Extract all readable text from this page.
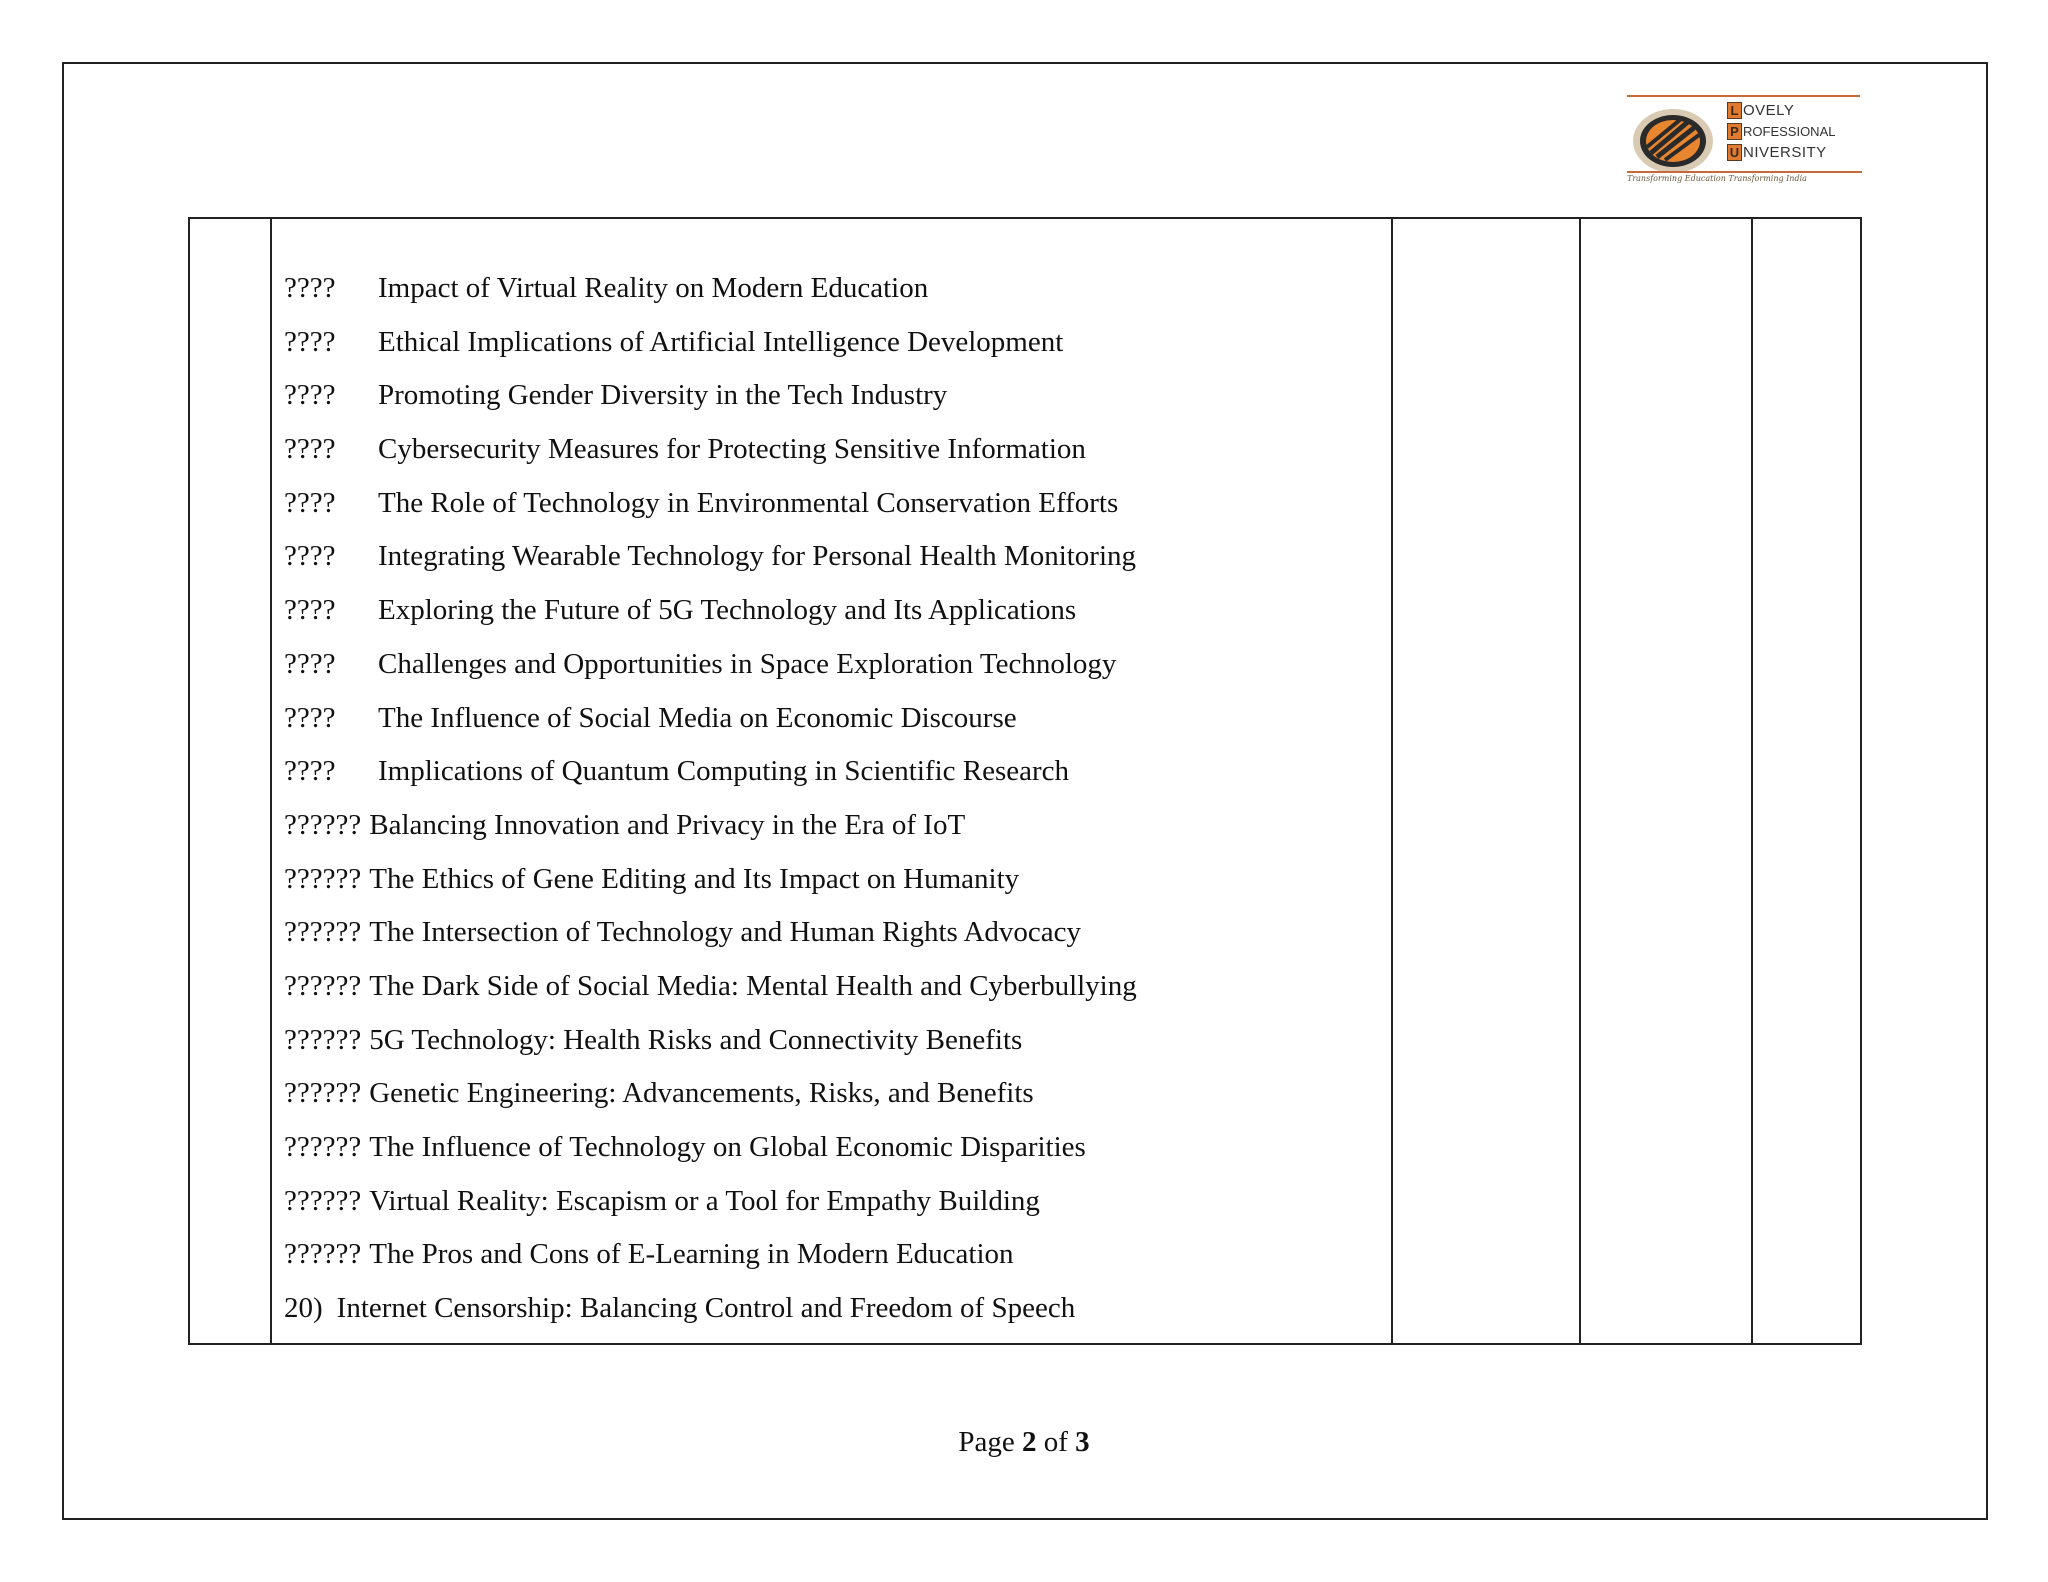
L OVELY
P ROFESSIONAL
U NIVERSITY
Transforming Education Transforming India
????	Impact of Virtual Reality on Modern Education
????	Ethical Implications of Artificial Intelligence Development
????	Promoting Gender Diversity in the Tech Industry
????	Cybersecurity Measures for Protecting Sensitive Information
????	The Role of Technology in Environmental Conservation Efforts
????	Integrating Wearable Technology for Personal Health Monitoring
????	Exploring the Future of 5G Technology and Its Applications
????	Challenges and Opportunities in Space Exploration Technology
????	The Influence of Social Media on Economic Discourse
????	Implications of Quantum Computing in Scientific Research
?????? Balancing Innovation and Privacy in the Era of IoT
?????? The Ethics of Gene Editing and Its Impact on Humanity
?????? The Intersection of Technology and Human Rights Advocacy
?????? The Dark Side of Social Media: Mental Health and Cyberbullying
?????? 5G Technology: Health Risks and Connectivity Benefits
?????? Genetic Engineering: Advancements, Risks, and Benefits
?????? The Influence of Technology on Global Economic Disparities
?????? Virtual Reality: Escapism or a Tool for Empathy Building
?????? The Pros and Cons of E-Learning in Modern Education
20) Internet Censorship: Balancing Control and Freedom of Speech
Page 2 of 3
